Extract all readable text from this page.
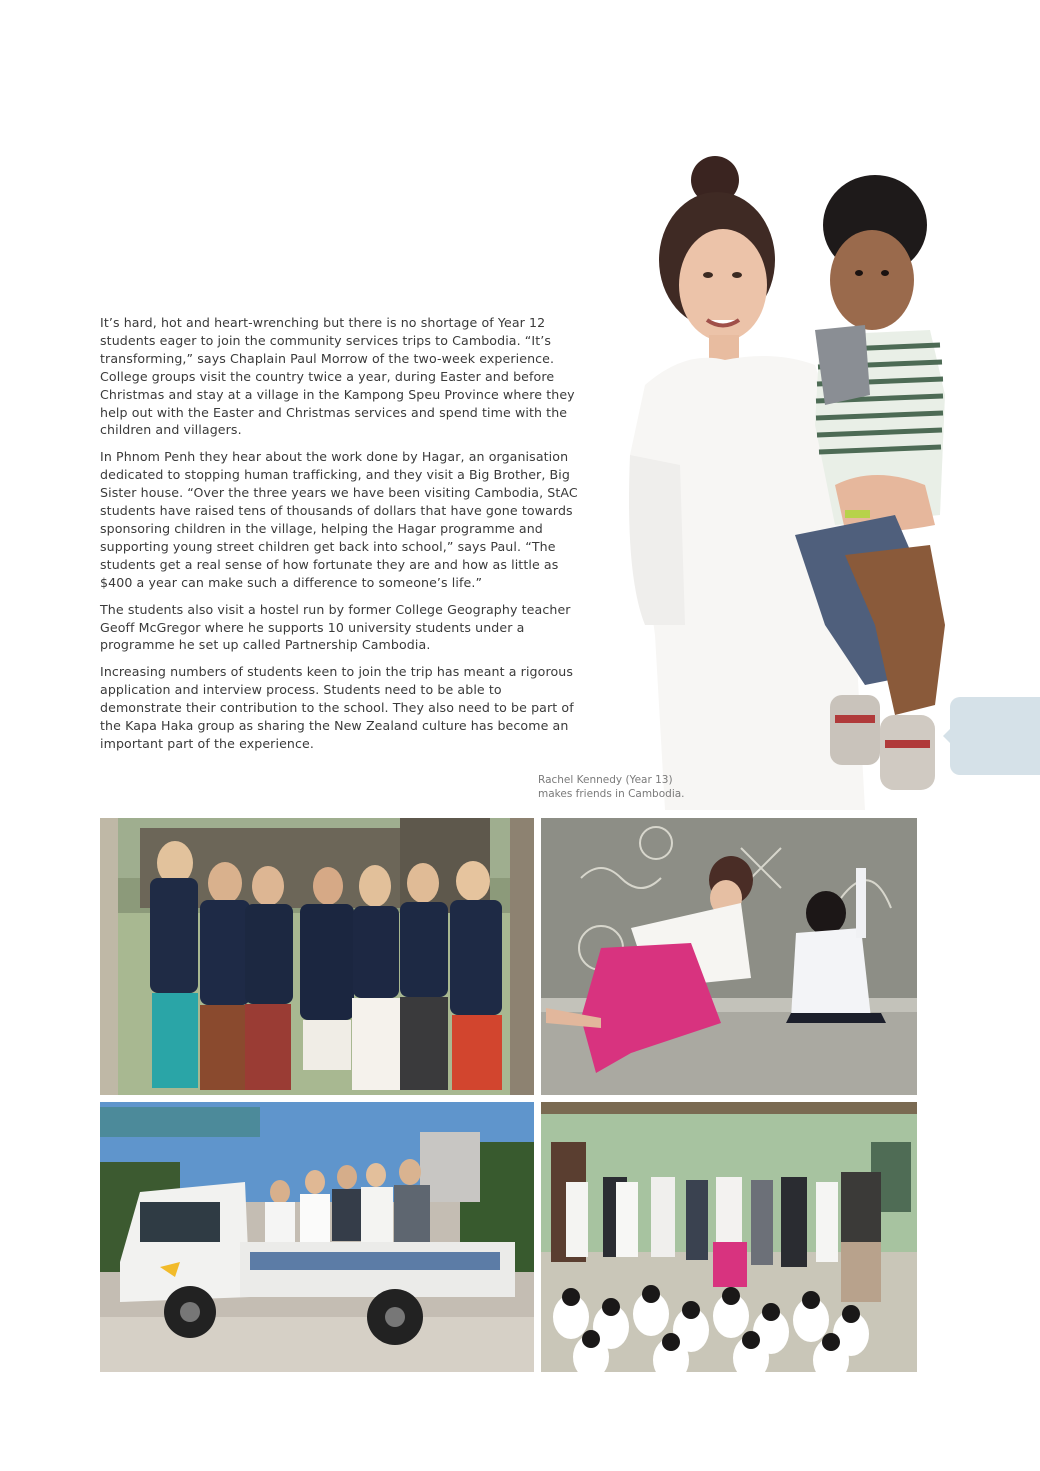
It’s hard, hot and heart-wrenching but there is no shortage of Year 12 students eager to join the community services trips to Cambodia. “It’s transforming,” says Chaplain Paul Morrow of the two-week experience. College groups visit the country twice a year, during Easter and before Christmas and stay at a village in the Kampong Speu Province where they help out with the Easter and Christmas services and spend time with the children and villagers.

In Phnom Penh they hear about the work done by Hagar, an organisation dedicated to stopping human trafficking, and they visit a Big Brother, Big Sister house. “Over the three years we have been visiting Cambodia, StAC students have raised tens of thousands of dollars that have gone towards sponsoring children in the village, helping the Hagar programme and supporting young street children get back into school,” says Paul. “The students get a real sense of how fortunate they are and how as little as $400 a year can make such a difference to someone’s life.”

The students also visit a hostel run by former College Geography teacher Geoff McGregor where he supports 10 university students under a programme he set up called Partnership Cambodia.

Increasing numbers of students keen to join the trip has meant a rigorous application and interview process. Students need to be able to demonstrate their contribution to the school. They also need to be part of the Kapa Haka group as sharing the New Zealand culture has become an important part of the experience.

Rachel Kennedy (Year 13)
makes friends in Cambodia.
